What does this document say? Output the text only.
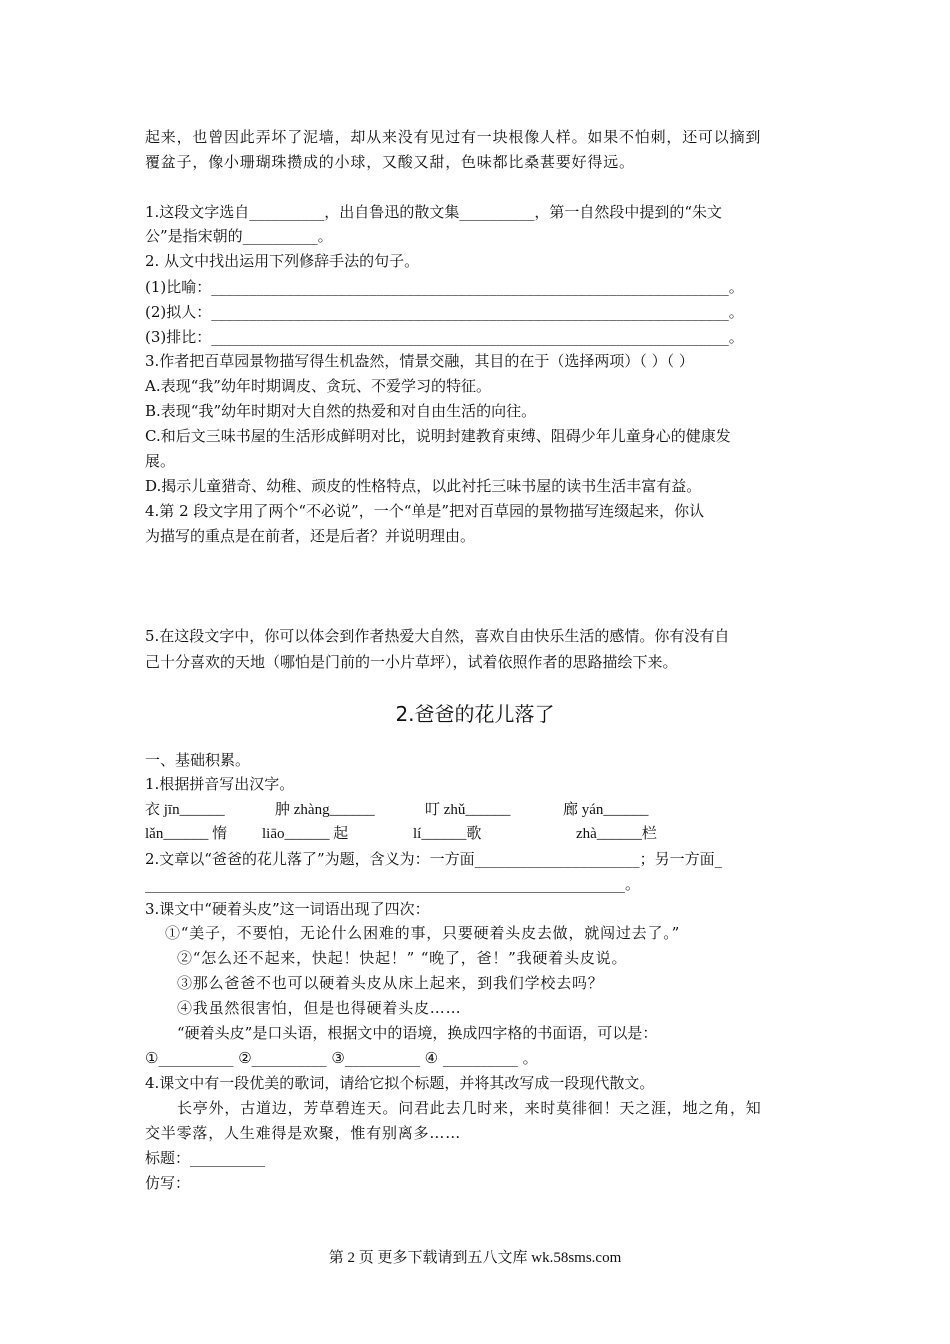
起来，也曾因此弄坏了泥墙，却从来没有见过有一块根像人样。如果不怕刺，还可以摘到
覆盆子，像小珊瑚珠攒成的小球，又酸又甜，色味都比桑葚要好得远。
1.这段文字选自__________，出自鲁迅的散文集__________，第一自然段中提到的“朱文
公”是指宋朝的__________。
2. 从文中找出运用下列修辞手法的句子。
(1)比喻：_____________________________________________________________________。
(2)拟人：_____________________________________________________________________。
(3)排比：_____________________________________________________________________。
3.作者把百草园景物描写得生机盎然，情景交融，其目的在于（选择两项）（ ）（ ）
A.表现“我”幼年时期调皮、贪玩、不爱学习的特征。
B.表现“我”幼年时期对大自然的热爱和对自由生活的向往。
C.和后文三味书屋的生活形成鲜明对比，说明封建教育束缚、阻碍少年儿童身心的健康发
展。
D.揭示儿童猎奇、幼稚、顽皮的性格特点，以此衬托三味书屋的读书生活丰富有益。
4.第 2 段文字用了两个“不必说”，一个“单是”把对百草园的景物描写连缀起来，你认
为描写的重点是在前者，还是后者？并说明理由。
5.在这段文字中，你可以体会到作者热爱大自然，喜欢自由快乐生活的感情。你有没有自
己十分喜欢的天地（哪怕是门前的一小片草坪），试着依照作者的思路描绘下来。
2.爸爸的花儿落了
一、基础积累。
1.根据拼音写出汉字。
衣 jīn______	肿 zhàng______	叮 zhǔ______	廊 yán______
lǎn______ 惰 liāo______ 起	lí______歌	zhà______栏
2.文章以“爸爸的花儿落了”为题，含义为：一方面______________________；另一方面_
________________________________________________________________。
3.课文中“硬着头皮”这一词语出现了四次：
①“美子，不要怕，无论什么困难的事，只要硬着头皮去做，就闯过去了。”
②“怎么还不起来，快起！快起！” “晚了，爸！”我硬着头皮说。
③那么爸爸不也可以硬着头皮从床上起来，到我们学校去吗？
④我虽然很害怕，但是也得硬着头皮……
“硬着头皮”是口头语，根据文中的语境，换成四字格的书面语，可以是：
①__________ ②__________ ③__________ ④ __________ 。
4.课文中有一段优美的歌词，请给它拟个标题，并将其改写成一段现代散文。
长亭外，古道边，芳草碧连天。问君此去几时来，来时莫徘徊！天之涯，地之角，知
交半零落，人生难得是欢聚，惟有别离多……
标题：__________
仿写：
第 2 页 更多下载请到五八文库 wk.58sms.com
